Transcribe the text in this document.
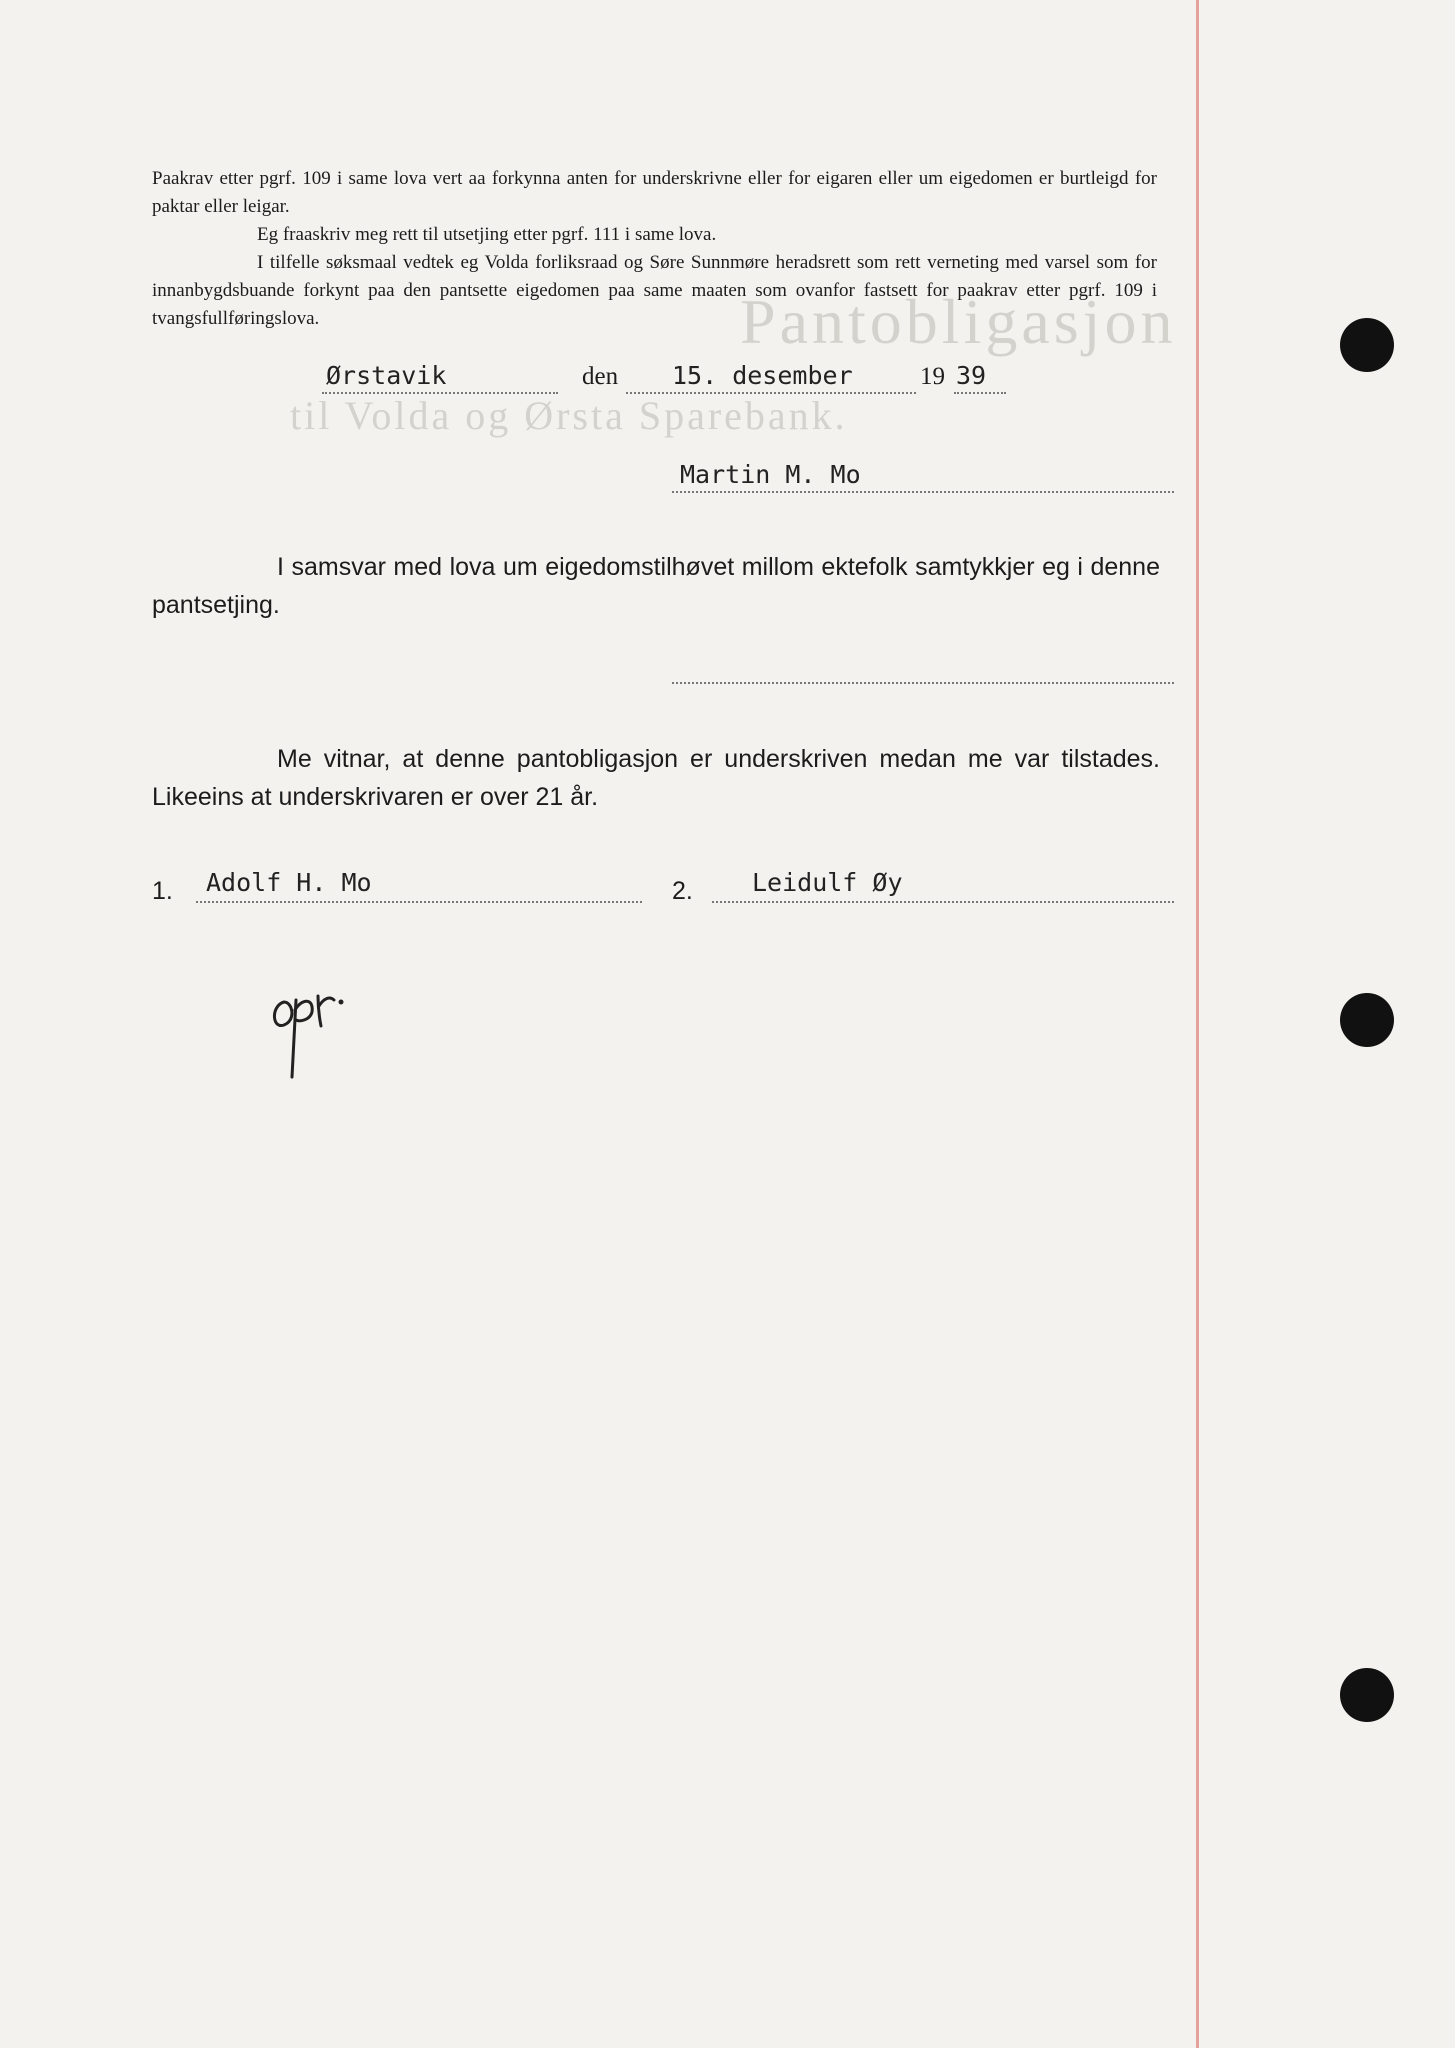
Pantobligasjon
til Volda og Ørsta Sparebank.

Paakrav etter pgrf. 109 i same lova vert aa forkynna anten for underskrivne eller for eigaren eller um eigedomen er burtleigd for paktar eller leigar.

Eg fraaskriv meg rett til utsetjing etter pgrf. 111 i same lova.

I tilfelle søksmaal vedtek eg Volda forliksraad og Søre Sunnmøre heradsrett som rett verneting med varsel som for innanbygdsbuande forkynt paa den pantsette eigedomen paa same maaten som ovanfor fastsett for paakrav etter pgrf. 109 i tvangsfullføringslova.

Ørstavik	den 15. desember	19 39
Martin M. Mo
I samsvar med lova um eigedomstilhøvet millom ektefolk samtykkjer eg i denne pantsetjing.
Me vitnar, at denne pantobligasjon er underskriven medan me var tilstades. Likeeins at underskrivaren er over 21 år.
1. Adolf H. Mo	2. Leidulf Øy
